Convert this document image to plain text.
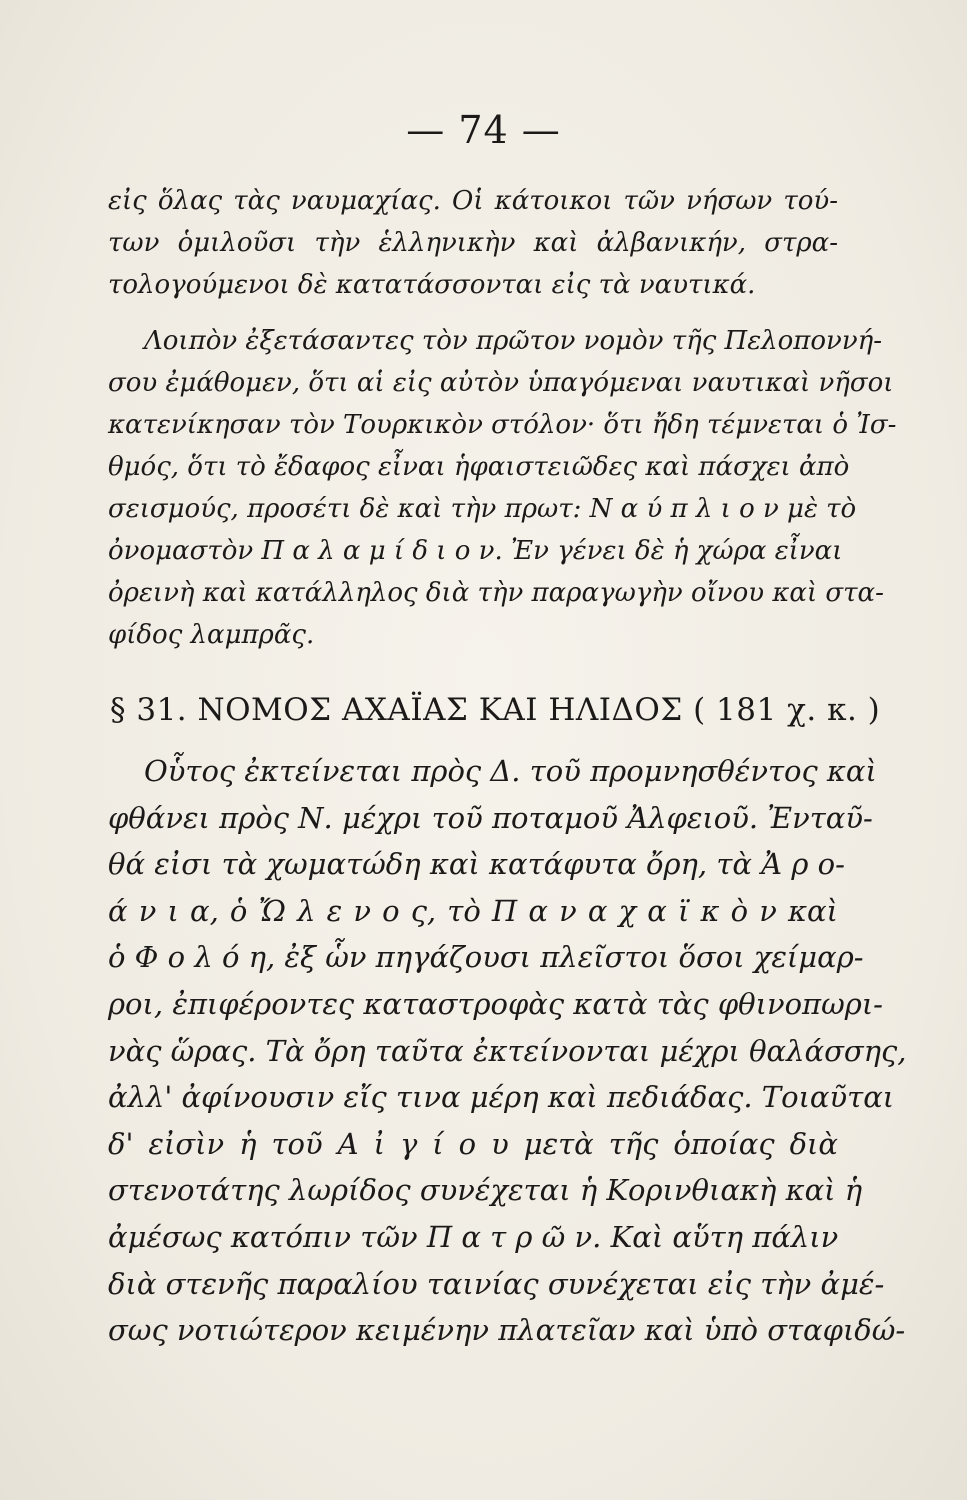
— 74 —
εἰς ὅλας τὰς ναυμαχίας. Οἱ κάτοικοι τῶν νήσων τού-
των ὁμιλοῦσι τὴν ἑλληνικὴν καὶ ἀλβανικήν, στρα-
τολογούμενοι δὲ κατατάσσονται εἰς τὰ ναυτικά.
Λοιπὸν ἐξετάσαντες τὸν πρῶτον νομὸν τῆς Πελοποννή-
σου ἐμάθομεν, ὅτι αἱ εἰς αὐτὸν ὑπαγόμεναι ναυτικαὶ νῆσοι
κατενίκησαν τὸν Τουρκικὸν στόλον· ὅτι ἤδη τέμνεται ὁ Ἰσ-
θμός, ὅτι τὸ ἔδαφος εἶναι ἡφαιστειῶδες καὶ πάσχει ἀπὸ
σεισμούς, προσέτι δὲ καὶ τὴν πρωτ: Ν α ύ π λ ι ο ν μὲ τὸ
ὀνομαστὸν Π α λ α μ ί δ ι ο ν. Ἐν γένει δὲ ἡ χώρα εἶναι
ὀρεινὴ καὶ κατάλληλος διὰ τὴν παραγωγὴν οἴνου καὶ στα-
φίδος λαμπρᾶς.
§ 31. ΝΟΜΟΣ ΑΧΑΪΑΣ ΚΑΙ ΗΛΙΔΟΣ ( 181 χ. κ. )
Οὗτος ἐκτείνεται πρὸς Δ. τοῦ προμνησθέντος καὶ
φθάνει πρὸς Ν. μέχρι τοῦ ποταμοῦ Ἀλφειοῦ. Ἐνταῦ-
θά εἰσι τὰ χωματώδη καὶ κατάφυτα ὄρη, τὰ Ἀ ρ ο-
ά ν ι α, ὁ Ὤ λ ε ν ο ς, τὸ Π α ν α χ α ϊ κ ὸ ν καὶ
ὁ Φ ο λ ό η, ἐξ ὧν πηγάζουσι πλεῖστοι ὅσοι χείμαρ-
ροι, ἐπιφέροντες καταστροφὰς κατὰ τὰς φθινοπωρι-
νὰς ὥρας. Τὰ ὄρη ταῦτα ἐκτείνονται μέχρι θαλάσσης,
ἀλλ' ἀφίνουσιν εἴς τινα μέρη καὶ πεδιάδας. Τοιαῦται
δ' εἰσὶν ἡ τοῦ Α ἰ γ ί ο υ μετὰ τῆς ὁποίας διὰ
στενοτάτης λωρίδος συνέχεται ἡ Κορινθιακὴ καὶ ἡ
ἀμέσως κατόπιν τῶν Π α τ ρ ῶ ν. Καὶ αὕτη πάλιν
διὰ στενῆς παραλίου ταινίας συνέχεται εἰς τὴν ἀμέ-
σως νοτιώτερον κειμένην πλατεῖαν καὶ ὑπὸ σταφιδώ-
